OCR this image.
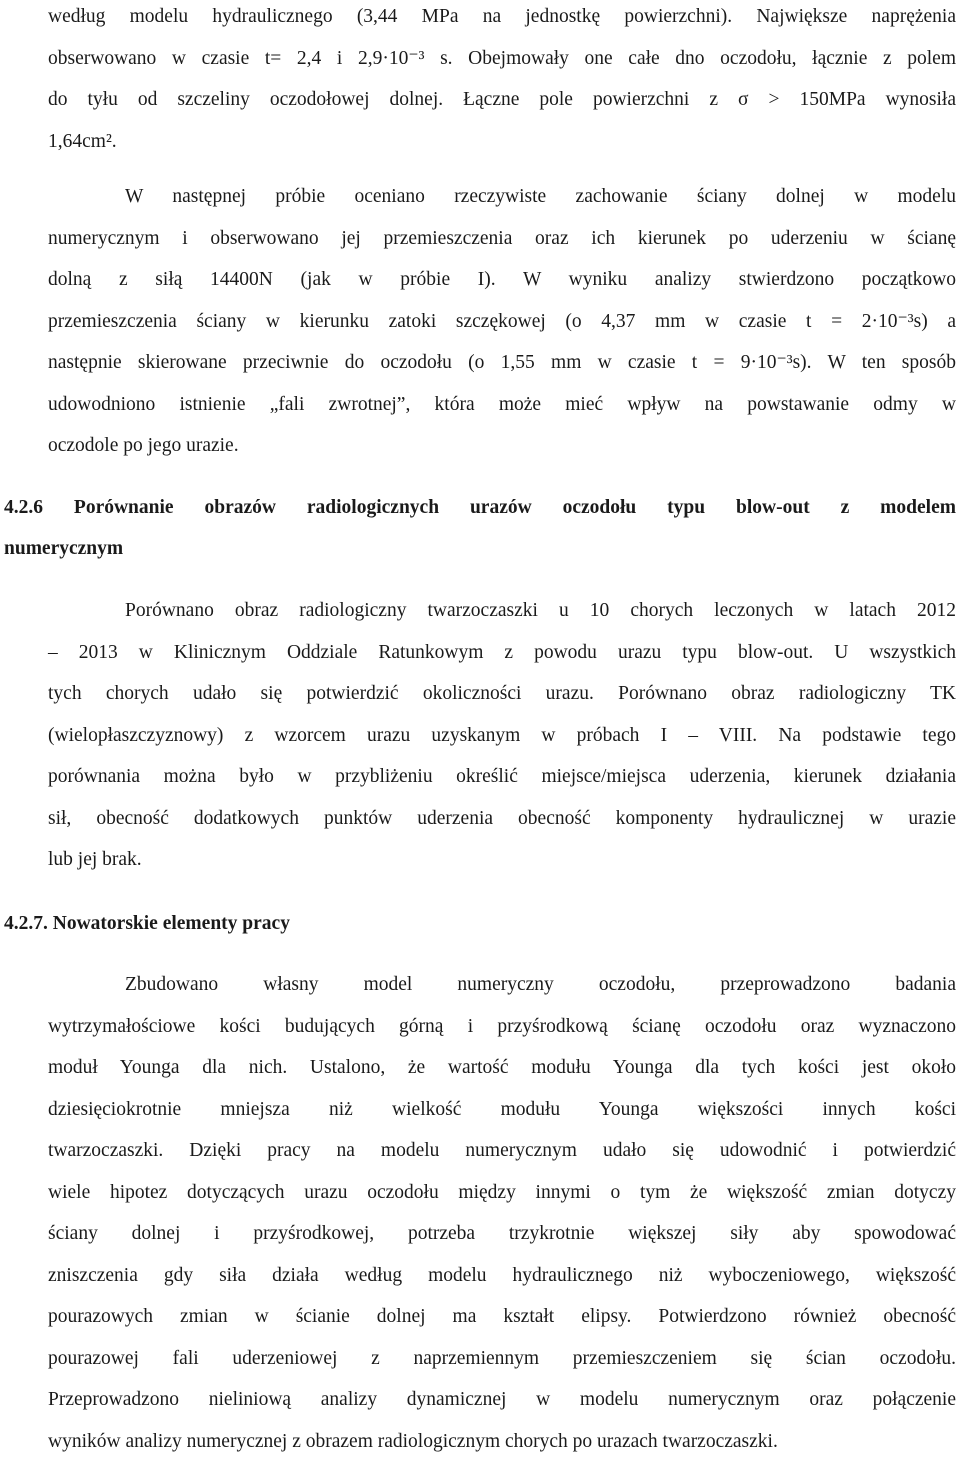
według modelu hydraulicznego (3,44 MPa na jednostkę powierzchni). Największe naprężenia
obserwowano w czasie t= 2,4 i 2,9·10⁻³ s. Obejmowały one całe dno oczodołu, łącznie z polem
do tyłu od szczeliny oczodołowej dolnej. Łączne pole powierzchni z σ > 150MPa wynosiła
1,64cm².

W następnej próbie oceniano rzeczywiste zachowanie ściany dolnej w modelu
numerycznym i obserwowano jej przemieszczenia oraz ich kierunek po uderzeniu w ścianę
dolną z siłą 14400N (jak w próbie I). W wyniku analizy stwierdzono początkowo
przemieszczenia ściany w kierunku zatoki szczękowej (o 4,37 mm w czasie t = 2·10⁻³s) a
następnie skierowane przeciwnie do oczodołu (o 1,55 mm w czasie t = 9·10⁻³s). W ten sposób
udowodniono istnienie „fali zwrotnej”, która może mieć wpływ na powstawanie odmy w
oczodole po jego urazie.

4.2.6 Porównanie obrazów radiologicznych urazów oczodołu typu blow-out z modelem
numerycznym

Porównano obraz radiologiczny twarzoczaszki u 10 chorych leczonych w latach 2012
– 2013 w Klinicznym Oddziale Ratunkowym z powodu urazu typu blow-out. U wszystkich
tych chorych udało się potwierdzić okoliczności urazu. Porównano obraz radiologiczny TK
(wielopłaszczyznowy) z wzorcem urazu uzyskanym w próbach I – VIII. Na podstawie tego
porównania można było w przybliżeniu określić miejsce/miejsca uderzenia, kierunek działania
sił, obecność dodatkowych punktów uderzenia obecność komponenty hydraulicznej w urazie
lub jej brak.

4.2.7. Nowatorskie elementy pracy

Zbudowano własny model numeryczny oczodołu, przeprowadzono badania
wytrzymałościowe kości budujących górną i przyśrodkową ścianę oczodołu oraz wyznaczono
moduł Younga dla nich. Ustalono, że wartość modułu Younga dla tych kości jest około
dziesięciokrotnie mniejsza niż wielkość modułu Younga większości innych kości
twarzoczaszki. Dzięki pracy na modelu numerycznym udało się udowodnić i potwierdzić
wiele hipotez dotyczących urazu oczodołu między innymi o tym że większość zmian dotyczy
ściany dolnej i przyśrodkowej, potrzeba trzykrotnie większej siły aby spowodować
zniszczenia gdy siła działa według modelu hydraulicznego niż wyboczeniowego, większość
pourazowych zmian w ścianie dolnej ma kształt elipsy. Potwierdzono również obecność
pourazowej fali uderzeniowej z naprzemiennym przemieszczeniem się ścian oczodołu.
Przeprowadzono nieliniową analizy dynamicznej w modelu numerycznym oraz połączenie
wyników analizy numerycznej z obrazem radiologicznym chorych po urazach twarzoczaszki.
